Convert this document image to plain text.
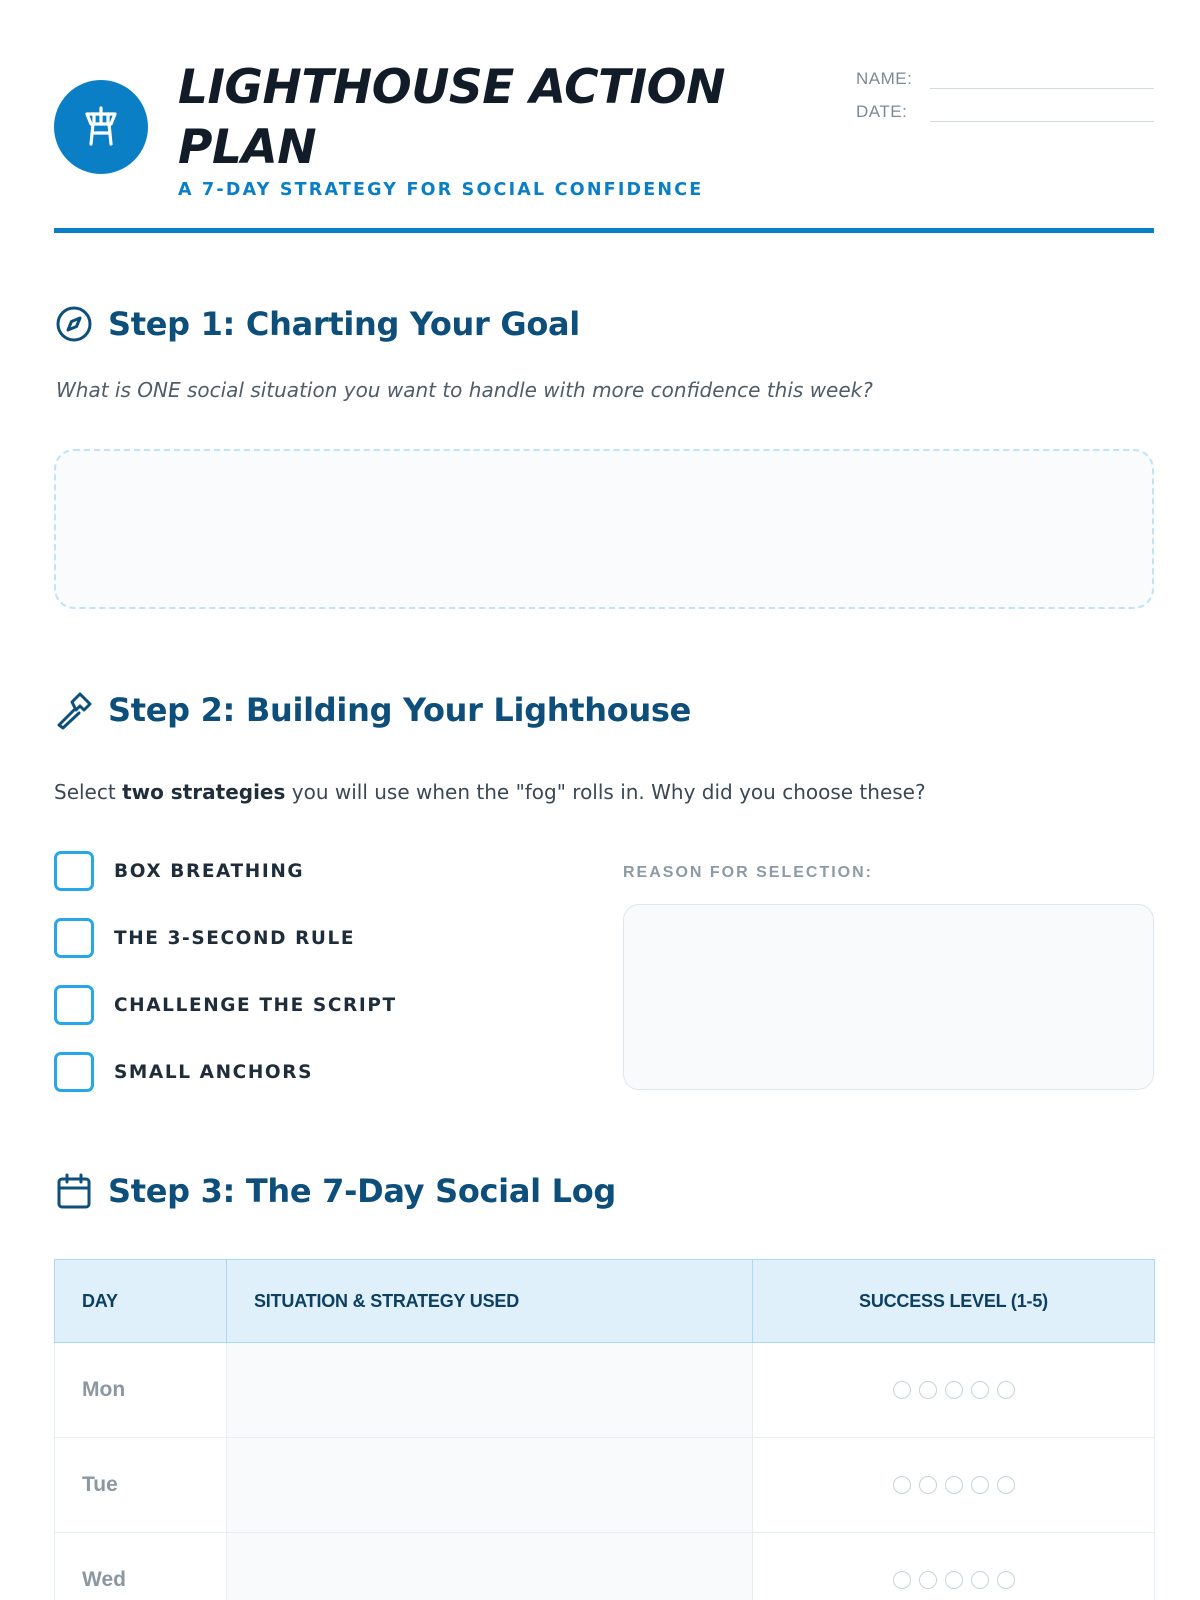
LIGHTHOUSE ACTION
PLAN
A 7-DAY STRATEGY FOR SOCIAL CONFIDENCE
NAME:
DATE:
Step 1: Charting Your Goal
What is ONE social situation you want to handle with more confidence this week?
Step 2: Building Your Lighthouse
Select two strategies you will use when the "fog" rolls in. Why did you choose these?
BOX BREATHING
THE 3-SECOND RULE
CHALLENGE THE SCRIPT
SMALL ANCHORS
REASON FOR SELECTION:
Step 3: The 7-Day Social Log
DAY	SITUATION & STRATEGY USED	SUCCESS LEVEL (1-5)
Mon		
Tue		
Wed		
